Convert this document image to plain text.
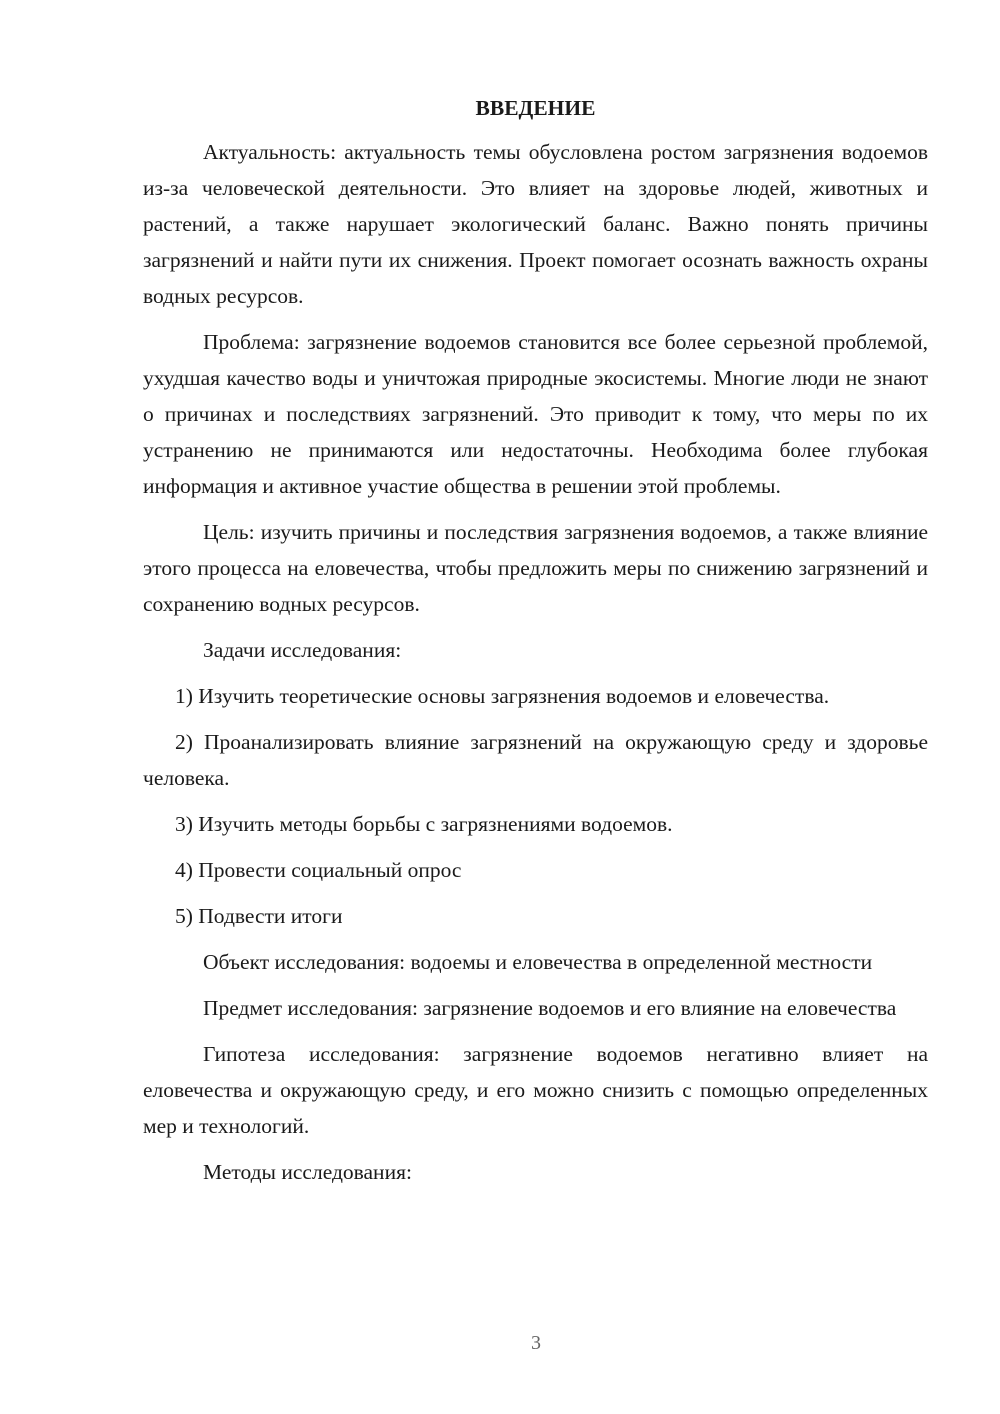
ВВЕДЕНИЕ

Актуальность: актуальность темы обусловлена ростом загрязнения водоемов из-за человеческой деятельности. Это влияет на здоровье людей, животных и растений, а также нарушает экологический баланс. Важно понять причины загрязнений и найти пути их снижения. Проект помогает осознать важность охраны водных ресурсов.

Проблема: загрязнение водоемов становится все более серьезной проблемой, ухудшая качество воды и уничтожая природные экосистемы. Многие люди не знают о причинах и последствиях загрязнений. Это приводит к тому, что меры по их устранению не принимаются или недостаточны. Необходима более глубокая информация и активное участие общества в решении этой проблемы.

Цель: изучить причины и последствия загрязнения водоемов, а также влияние этого процесса на еловечества, чтобы предложить меры по снижению загрязнений и сохранению водных ресурсов.

Задачи исследования:

1) Изучить теоретические основы загрязнения водоемов и еловечества.

2) Проанализировать влияние загрязнений на окружающую среду и здоровье человека.

3) Изучить методы борьбы с загрязнениями водоемов.

4) Провести социальный опрос

5) Подвести итоги

Объект исследования: водоемы и еловечества в определенной местности

Предмет исследования: загрязнение водоемов и его влияние на еловечества

Гипотеза исследования: загрязнение водоемов негативно влияет на еловечества и окружающую среду, и его можно снизить с помощью определенных мер и технологий.

Методы исследования:

3
